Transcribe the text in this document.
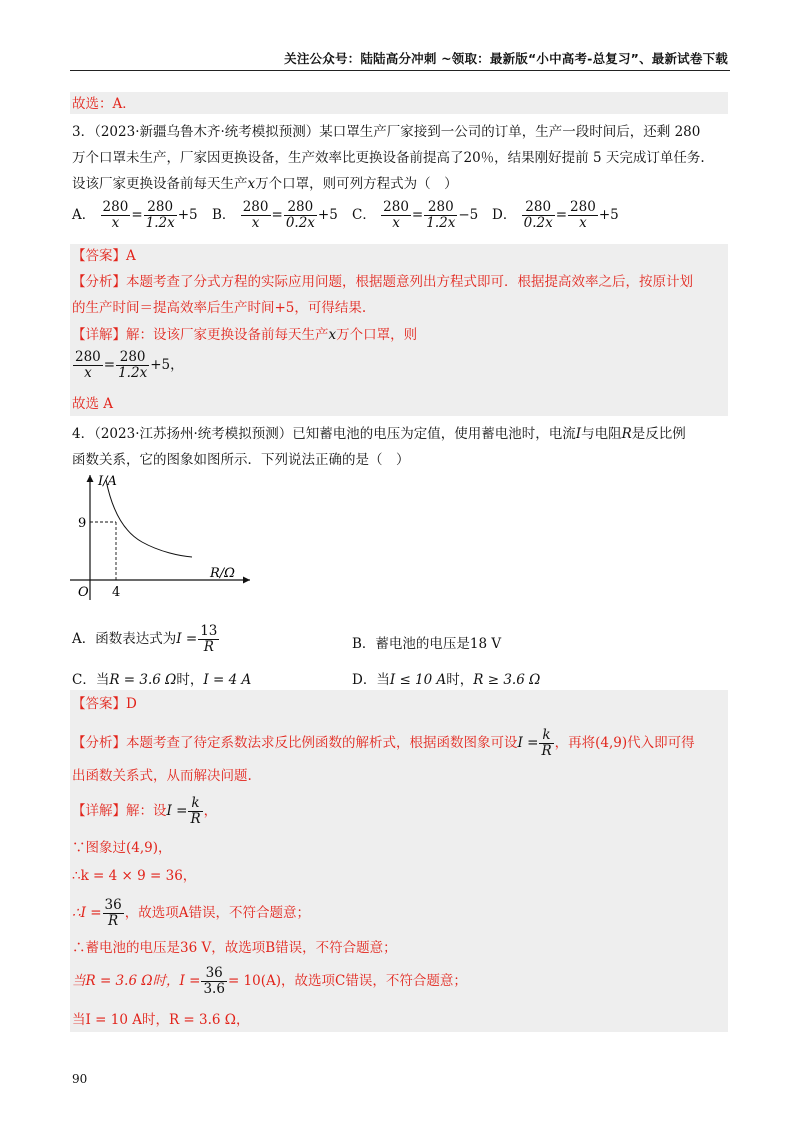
关注公众号：陆陆高分冲刺 ~领取：最新版“小中高考-总复习”、最新试卷下载
故选：A．
3．（2023·新疆乌鲁木齐·统考模拟预测）某口罩生产厂家接到一公司的订单，生产一段时间后，还剩 280
万个口罩未生产，厂家因更换设备，生产效率比更换设备前提高了20％，结果刚好提前 5 天完成订单任务.
设该厂家更换设备前每天生产x万个口罩，则可列方程式为（　）
A． $\frac{280}{x} = \frac{280}{1.2x} +5$ B． $\frac{280}{x} = \frac{280}{0.2x} +5$ C． $\frac{280}{x} = \frac{280}{1.2x} -5$ D． $\frac{280}{0.2x} = \frac{280}{x} +5$
【答案】A
【分析】本题考查了分式方程的实际应用问题，根据题意列出方程式即可．根据提高效率之后，按原计划
的生产时间＝提高效率后生产时间+5，可得结果.
【详解】解：设该厂家更换设备前每天生产x万个口罩，则
$\frac{280}{x} = \frac{280}{1.2x} +5$，
故选 A
4．（2023·江苏扬州·统考模拟预测）已知蓄电池的电压为定值，使用蓄电池时，电流I与电阻R是反比例
函数关系，它的图象如图所示．下列说法正确的是（　）
I/A
R/Ω
O
9
4
A．函数表达式为$I = \frac{13}{R}$	B．蓄电池的电压是18 V
C．当R = 3.6 Ω时，I = 4 A	D．当I ≤ 10 A时，R ≥ 3.6 Ω
【答案】D
【分析】本题考查了待定系数法求反比例函数的解析式，根据函数图象可设$I = \frac{k}{R}$ ，再将(4,9)代入即可得
出函数关系式，从而解决问题.
【详解】解：设$I = \frac{k}{R}$ ，
∵图象过(4,9)，
∴k = 4 × 9 = 36，
∴I = $\frac{36}{R}$ ，故选项A错误，不符合题意；
∴蓄电池的电压是36 V，故选项B错误，不符合题意；
当R = 3.6 Ω时，$I = \frac{36}{3.6} = 10(A)$，故选项C错误，不符合题意；
当I = 10 A时，R = 3.6 Ω，
90
